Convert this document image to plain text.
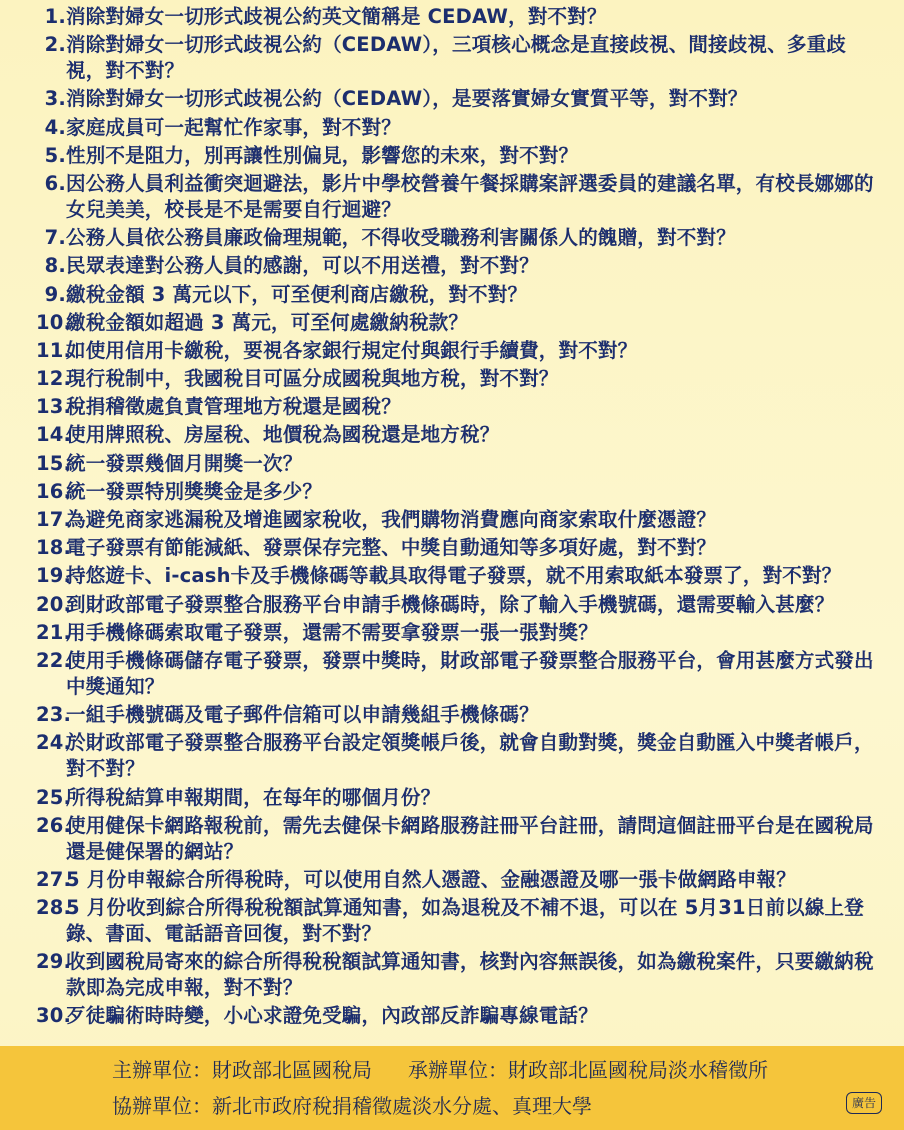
1. 消除對婦女一切形式歧視公約英文簡稱是 CEDAW，對不對？
2. 消除對婦女一切形式歧視公約（CEDAW），三項核心概念是直接歧視、間接歧視、多重歧視，對不對？
3. 消除對婦女一切形式歧視公約（CEDAW），是要落實婦女實質平等，對不對？
4. 家庭成員可一起幫忙作家事，對不對？
5. 性別不是阻力，別再讓性別偏見，影響您的未來，對不對？
6. 因公務人員利益衝突迴避法，影片中學校營養午餐採購案評選委員的建議名單，有校長娜娜的女兒美美，校長是不是需要自行迴避？
7. 公務人員依公務員廉政倫理規範，不得收受職務利害關係人的餽贈，對不對？
8. 民眾表達對公務人員的感謝，可以不用送禮，對不對？
9. 繳稅金額 3 萬元以下，可至便利商店繳稅，對不對？
10.
繳稅金額如超過 3 萬元，可至何處繳納稅款？
11.
如使用信用卡繳稅，要視各家銀行規定付與銀行手續費，對不對？
12.
現行稅制中，我國稅目可區分成國稅與地方稅，對不對？
13.
稅捐稽徵處負責管理地方稅還是國稅？
14.
使用牌照稅、房屋稅、地價稅為國稅還是地方稅？
15.
統一發票幾個月開獎一次？
16.
統一發票特別獎獎金是多少？
17.
為避免商家逃漏稅及增進國家稅收，我們購物消費應向商家索取什麼憑證？
18.
電子發票有節能減紙、發票保存完整、中獎自動通知等多項好處，對不對？
19.
持悠遊卡、i-cash卡及手機條碼等載具取得電子發票，就不用索取紙本發票了，對不對？
20.
到財政部電子發票整合服務平台申請手機條碼時，除了輸入手機號碼，還需要輸入甚麼？
21.
用手機條碼索取電子發票，還需不需要拿發票一張一張對獎？
22.
使用手機條碼儲存電子發票，發票中獎時，財政部電子發票整合服務平台，會用甚麼方式發出中獎通知？
23.
一組手機號碼及電子郵件信箱可以申請幾組手機條碼？
24.
於財政部電子發票整合服務平台設定領獎帳戶後，就會自動對獎，獎金自動匯入中獎者帳戶，對不對？
25.
所得稅結算申報期間，在每年的哪個月份？
26.
使用健保卡網路報稅前，需先去健保卡網路服務註冊平台註冊，請問這個註冊平台是在國稅局還是健保署的網站？
27.
5 月份申報綜合所得稅時，可以使用自然人憑證、金融憑證及哪一張卡做網路申報？
28.
5 月份收到綜合所得稅稅額試算通知書，如為退稅及不補不退，可以在 5月31日前以線上登錄、書面、電話語音回復，對不對？
29.
收到國稅局寄來的綜合所得稅稅額試算通知書，核對內容無誤後，如為繳稅案件，只要繳納稅款即為完成申報，對不對？
30.
歹徒騙術時時變，小心求證免受騙，內政部反詐騙專線電話？
主辦單位：財政部北區國稅局 承辦單位：財政部北區國稅局淡水稽徵所
協辦單位：新北市政府稅捐稽徵處淡水分處、真理大學	廣告
